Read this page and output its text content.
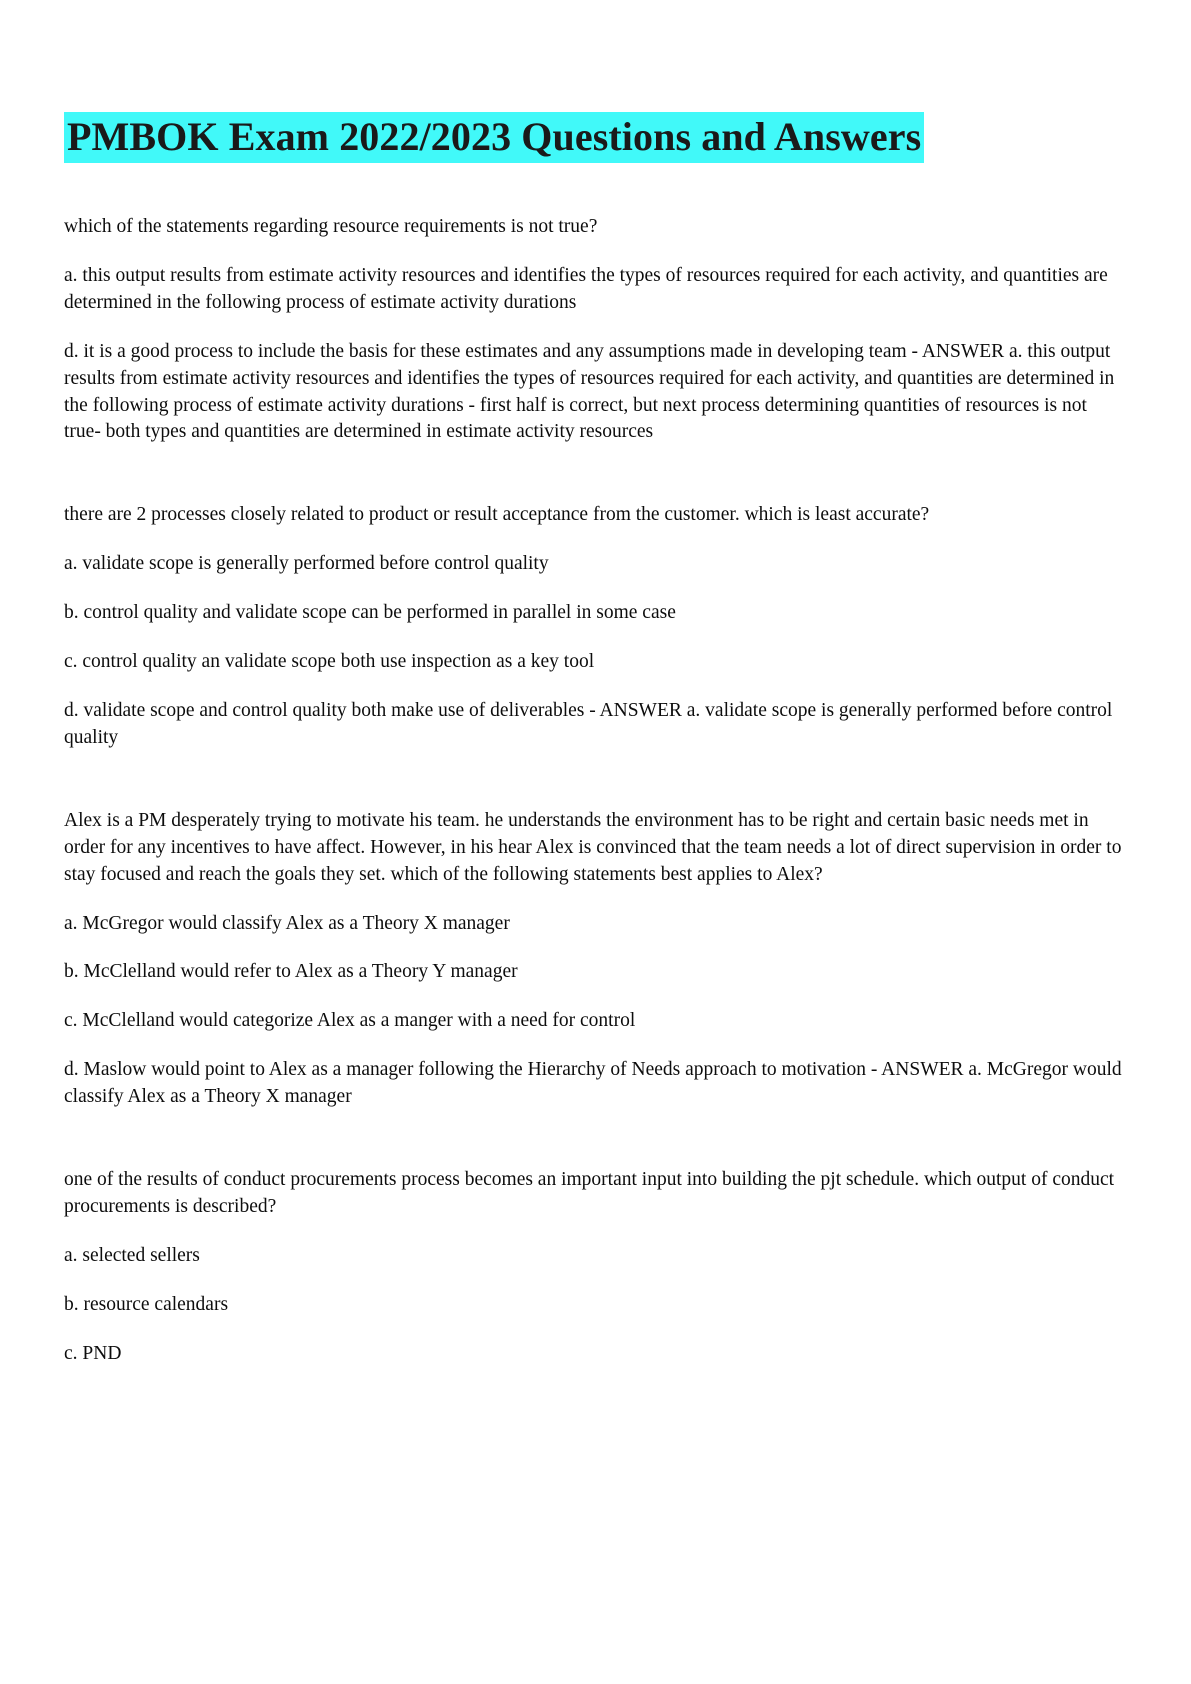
PMBOK Exam 2022/2023 Questions and Answers

which of the statements regarding resource requirements is not true?

a. this output results from estimate activity resources and identifies the types of resources required for each activity, and quantities are determined in the following process of estimate activity durations

d. it is a good process to include the basis for these estimates and any assumptions made in developing team - ANSWER a. this output results from estimate activity resources and identifies the types of resources required for each activity, and quantities are determined in the following process of estimate activity durations - first half is correct, but next process determining quantities of resources is not true- both types and quantities are determined in estimate activity resources

there are 2 processes closely related to product or result acceptance from the customer. which is least accurate?

a. validate scope is generally performed before control quality

b. control quality and validate scope can be performed in parallel in some case

c. control quality an validate scope both use inspection as a key tool

d. validate scope and control quality both make use of deliverables - ANSWER a. validate scope is generally performed before control quality

Alex is a PM desperately trying to motivate his team. he understands the environment has to be right and certain basic needs met in order for any incentives to have affect. However, in his hear Alex is convinced that the team needs a lot of direct supervision in order to stay focused and reach the goals they set. which of the following statements best applies to Alex?

a. McGregor would classify Alex as a Theory X manager

b. McClelland would refer to Alex as a Theory Y manager

c. McClelland would categorize Alex as a manger with a need for control

d. Maslow would point to Alex as a manager following the Hierarchy of Needs approach to motivation - ANSWER a. McGregor would classify Alex as a Theory X manager

one of the results of conduct procurements process becomes an important input into building the pjt schedule. which output of conduct procurements is described?

a. selected sellers

b. resource calendars

c. PND
